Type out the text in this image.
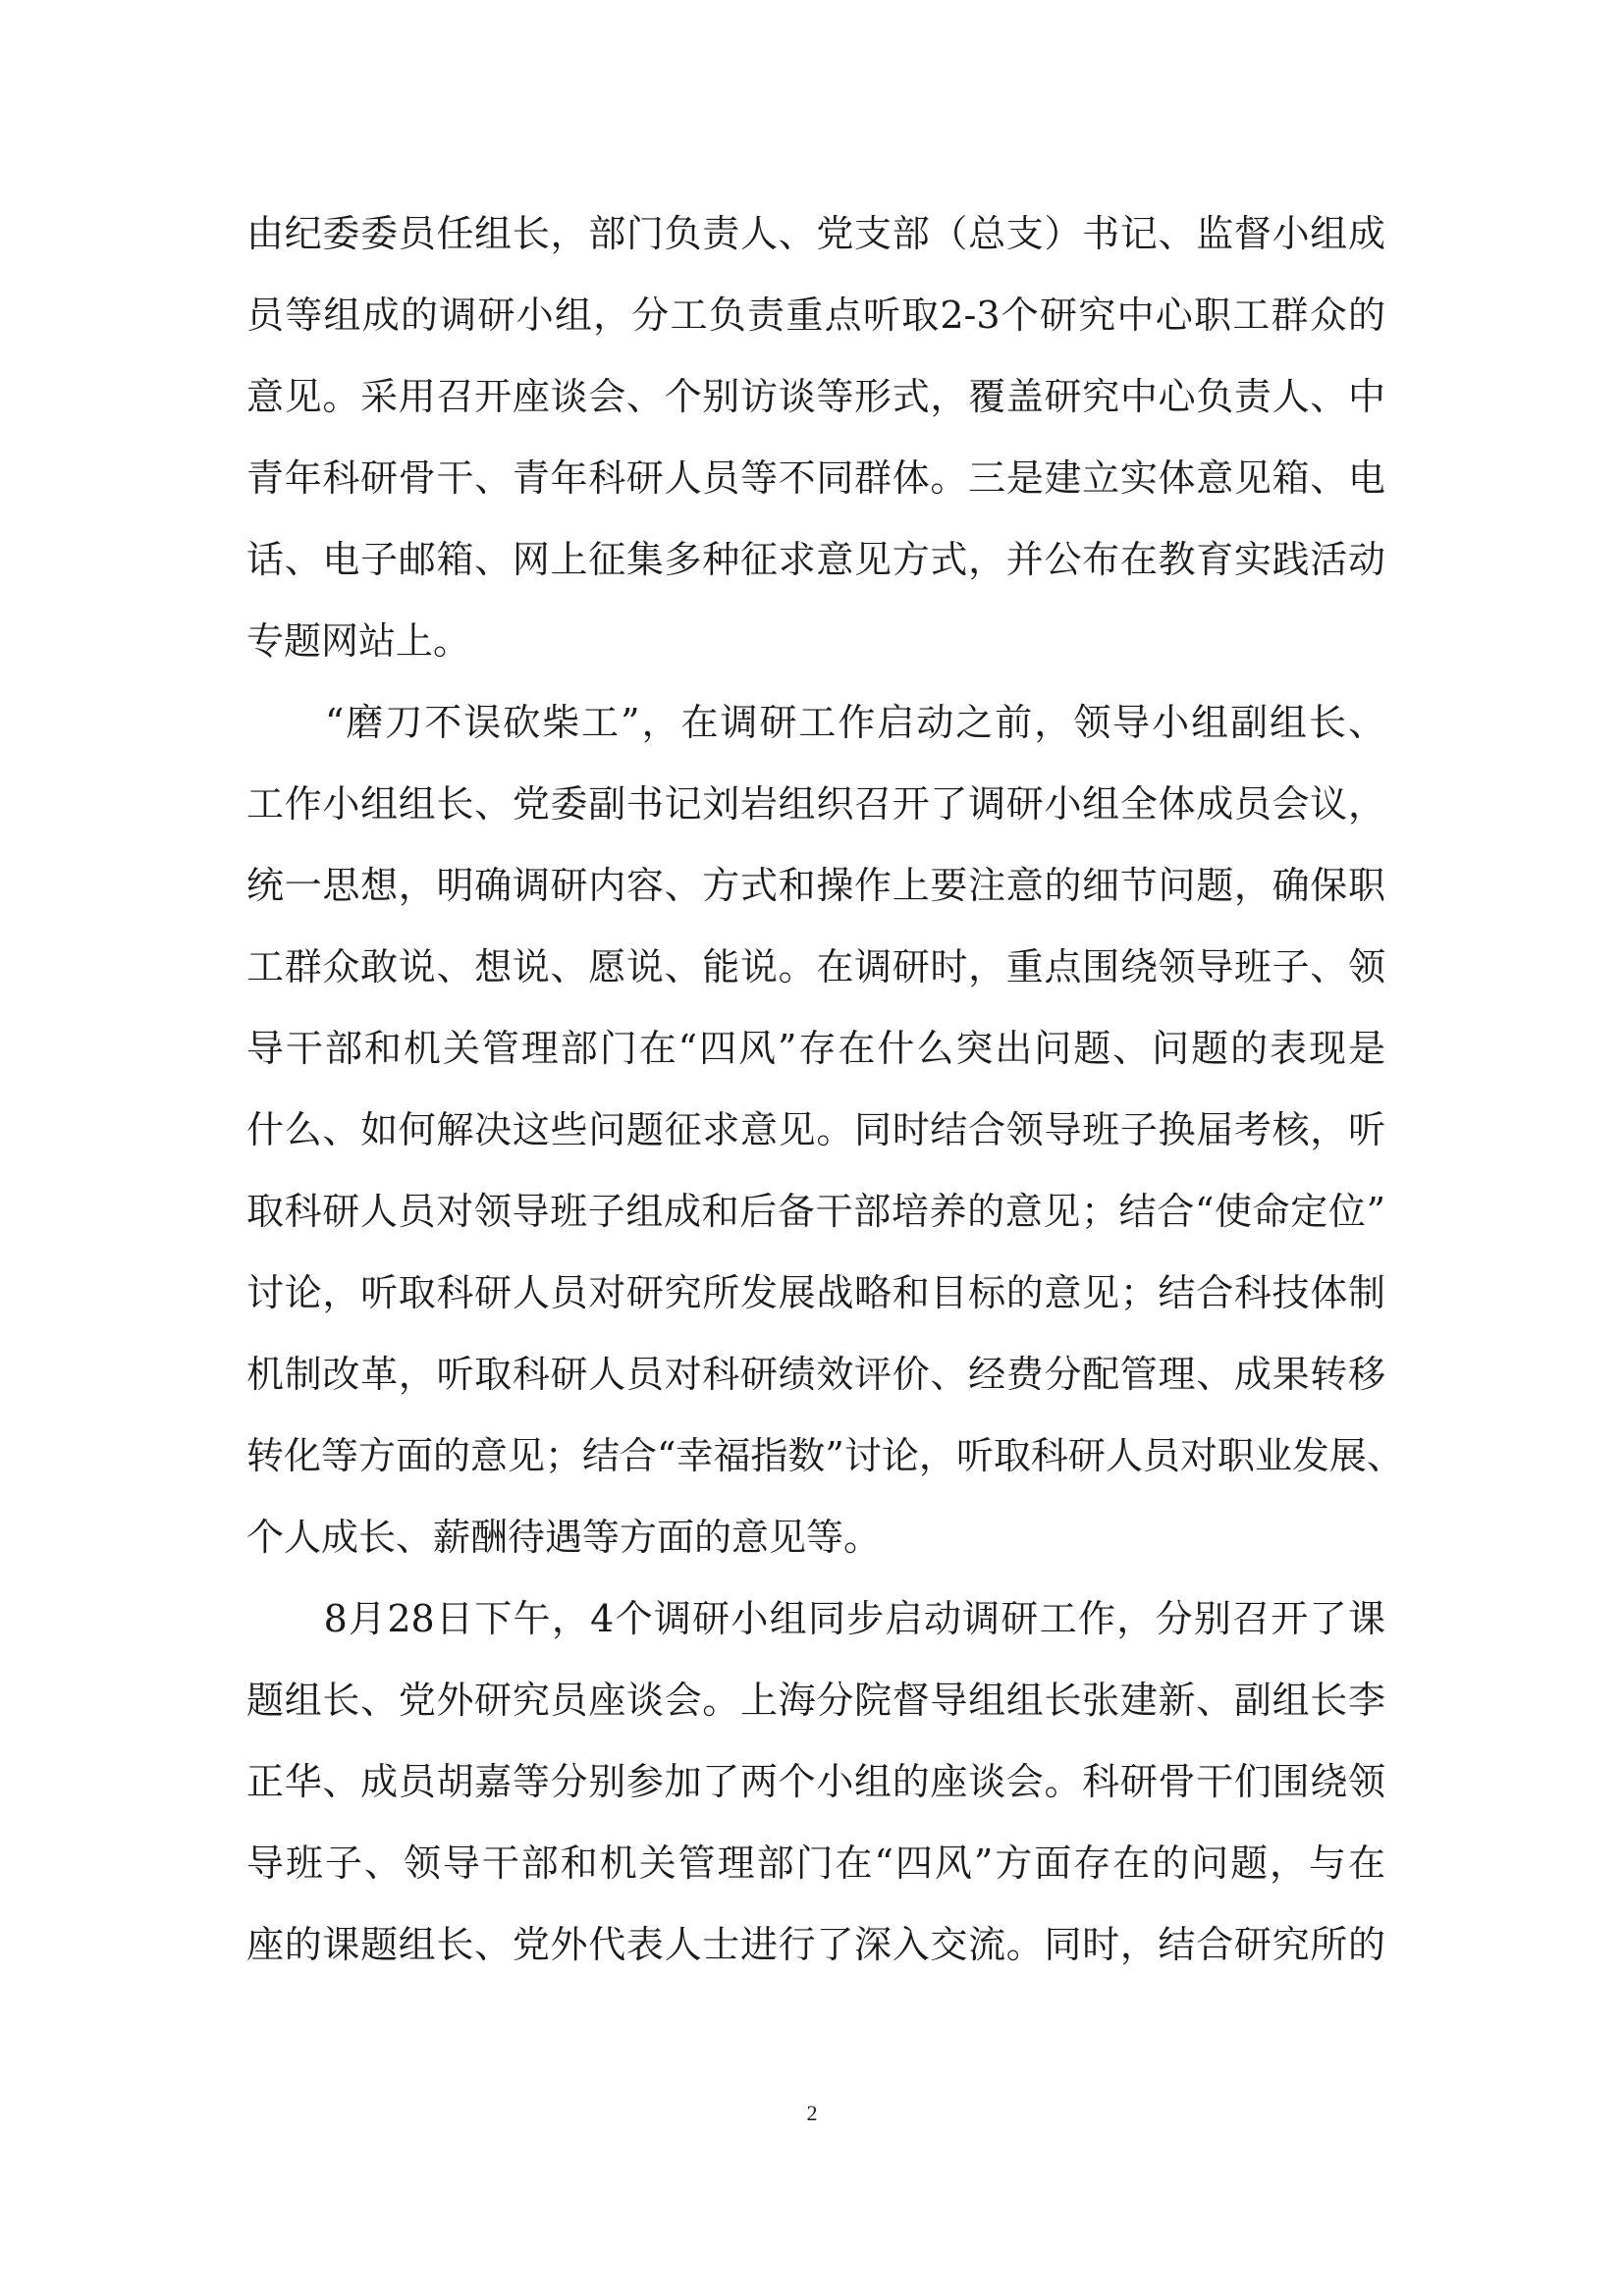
由纪委委员任组长，部门负责人、党支部（总支）书记、监督小组成
员等组成的调研小组，分工负责重点听取2-3个研究中心职工群众的
意见。采用召开座谈会、个别访谈等形式，覆盖研究中心负责人、中
青年科研骨干、青年科研人员等不同群体。三是建立实体意见箱、电
话、电子邮箱、网上征集多种征求意见方式，并公布在教育实践活动
专题网站上。
　　“磨刀不误砍柴工”，在调研工作启动之前，领导小组副组长、
工作小组组长、党委副书记刘岩组织召开了调研小组全体成员会议，
统一思想，明确调研内容、方式和操作上要注意的细节问题，确保职
工群众敢说、想说、愿说、能说。在调研时，重点围绕领导班子、领
导干部和机关管理部门在“四风”存在什么突出问题、问题的表现是
什么、如何解决这些问题征求意见。同时结合领导班子换届考核，听
取科研人员对领导班子组成和后备干部培养的意见；结合“使命定位”
讨论，听取科研人员对研究所发展战略和目标的意见；结合科技体制
机制改革，听取科研人员对科研绩效评价、经费分配管理、成果转移
转化等方面的意见；结合“幸福指数”讨论，听取科研人员对职业发展、
个人成长、薪酬待遇等方面的意见等。
　　8月28日下午，4个调研小组同步启动调研工作，分别召开了课
题组长、党外研究员座谈会。上海分院督导组组长张建新、副组长李
正华、成员胡嘉等分别参加了两个小组的座谈会。科研骨干们围绕领
导班子、领导干部和机关管理部门在“四风”方面存在的问题，与在
座的课题组长、党外代表人士进行了深入交流。同时，结合研究所的
2
